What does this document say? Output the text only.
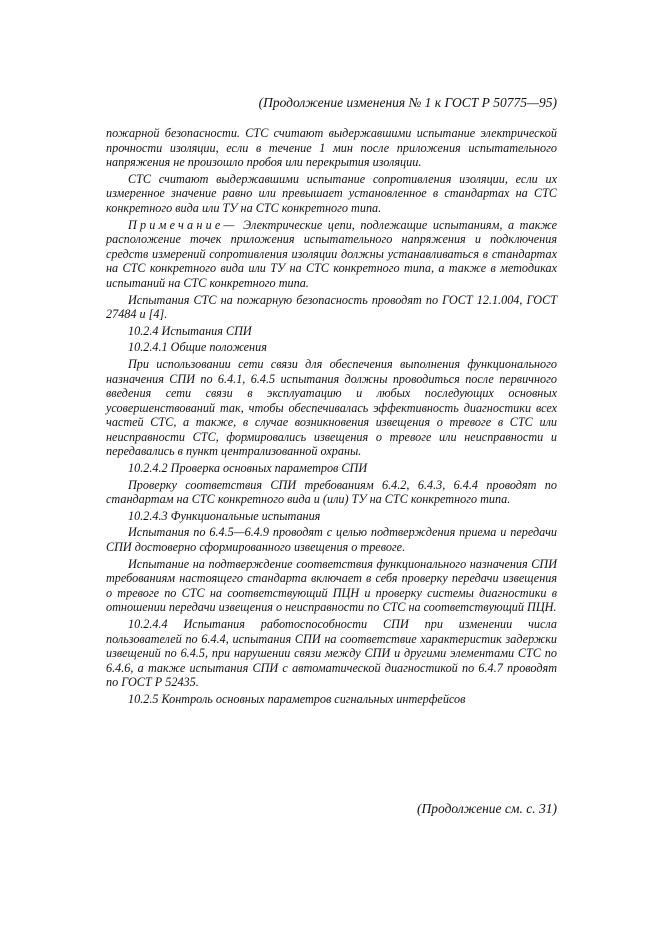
(Продолжение изменения № 1 к ГОСТ Р 50775—95)

пожарной безопасности. СТС считают выдержавшими испытание электрической прочности изоляции, если в течение 1 мин после приложения испытательного напряжения не произошло пробоя или перекрытия изоляции.

СТС считают выдержавшими испытание сопротивления изоляции, если их измеренное значение равно или превышает установленное в стандартах на СТС конкретного вида или ТУ на СТС конкретного типа.

Примечание— Электрические цепи, подлежащие испытаниям, а также расположение точек приложения испытательного напряжения и подключения средств измерений сопротивления изоляции должны устанавливаться в стандартах на СТС конкретного вида или ТУ на СТС конкретного типа, а также в методиках испытаний на СТС конкретного типа.

Испытания СТС на пожарную безопасность проводят по ГОСТ 12.1.004, ГОСТ 27484 и [4].

10.2.4 Испытания СПИ

10.2.4.1 Общие положения

При использовании сети связи для обеспечения выполнения функционального назначения СПИ по 6.4.1, 6.4.5 испытания должны проводиться после первичного введения сети связи в эксплуатацию и любых последующих основных усовершенствований так, чтобы обеспечивалась эффективность диагностики всех частей СТС, а также, в случае возникновения извещения о тревоге в СТС или неисправности СТС, формировались извещения о тревоге или неисправности и передавались в пункт централизованной охраны.

10.2.4.2 Проверка основных параметров СПИ

Проверку соответствия СПИ требованиям 6.4.2, 6.4.3, 6.4.4 проводят по стандартам на СТС конкретного вида и (или) ТУ на СТС конкретного типа.

10.2.4.3 Функциональные испытания

Испытания по 6.4.5—6.4.9 проводят с целью подтверждения приема и передачи СПИ достоверно сформированного извещения о тревоге.

Испытание на подтверждение соответствия функционального назначения СПИ требованиям настоящего стандарта включает в себя проверку передачи извещения о тревоге по СТС на соответствующий ПЦН и проверку системы диагностики в отношении передачи извещения о неисправности по СТС на соответствующий ПЦН.

10.2.4.4 Испытания работоспособности СПИ при изменении числа пользователей по 6.4.4, испытания СПИ на соответствие характеристик задержки извещений по 6.4.5, при нарушении связи между СПИ и другими элементами СТС по 6.4.6, а также испытания СПИ с автоматической диагностикой по 6.4.7 проводят по ГОСТ Р 52435.

10.2.5 Контроль основных параметров сигнальных интерфейсов

(Продолжение см. с. 31)
